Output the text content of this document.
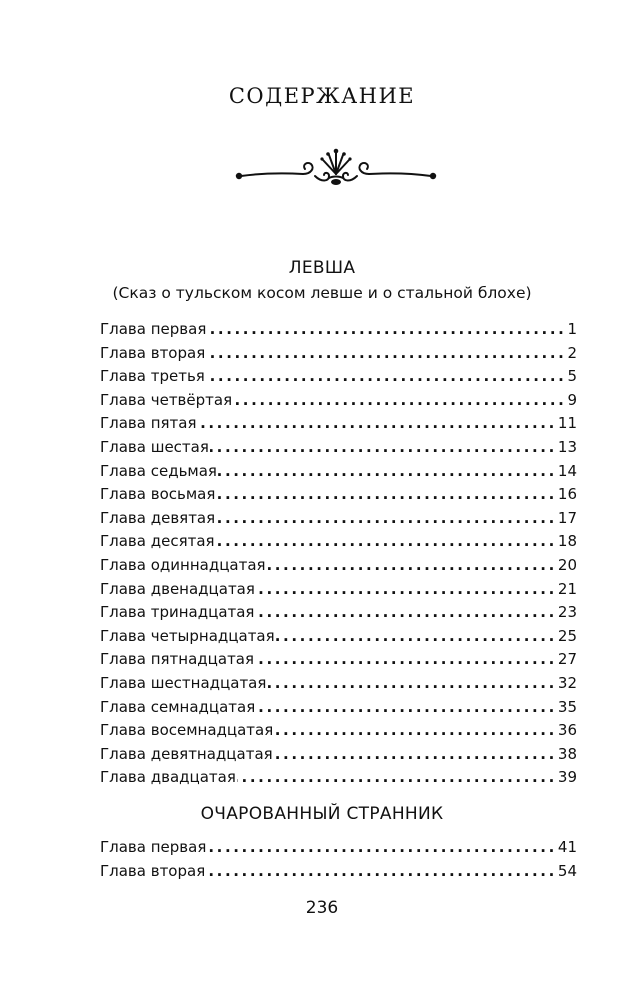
СОДЕРЖАНИЕ
ЛЕВША
(Сказ о тульском косом левше и о стальной блохе)
Глава первая .....	1
Глава вторая .....	2
Глава третья .....	5
Глава четвёртая .....	9
Глава пятая .....	11
Глава шестая .....	13
Глава седьмая .....	14
Глава восьмая .....	16
Глава девятая .....	17
Глава десятая .....	18
Глава одиннадцатая .....	20
Глава двенадцатая .....	21
Глава тринадцатая .....	23
Глава четырнадцатая .....	25
Глава пятнадцатая .....	27
Глава шестнадцатая .....	32
Глава семнадцатая .....	35
Глава восемнадцатая .....	36
Глава девятнадцатая .....	38
Глава двадцатая .....	39
ОЧАРОВАННЫЙ СТРАННИК
Глава первая .....	41
Глава вторая .....	54
236
